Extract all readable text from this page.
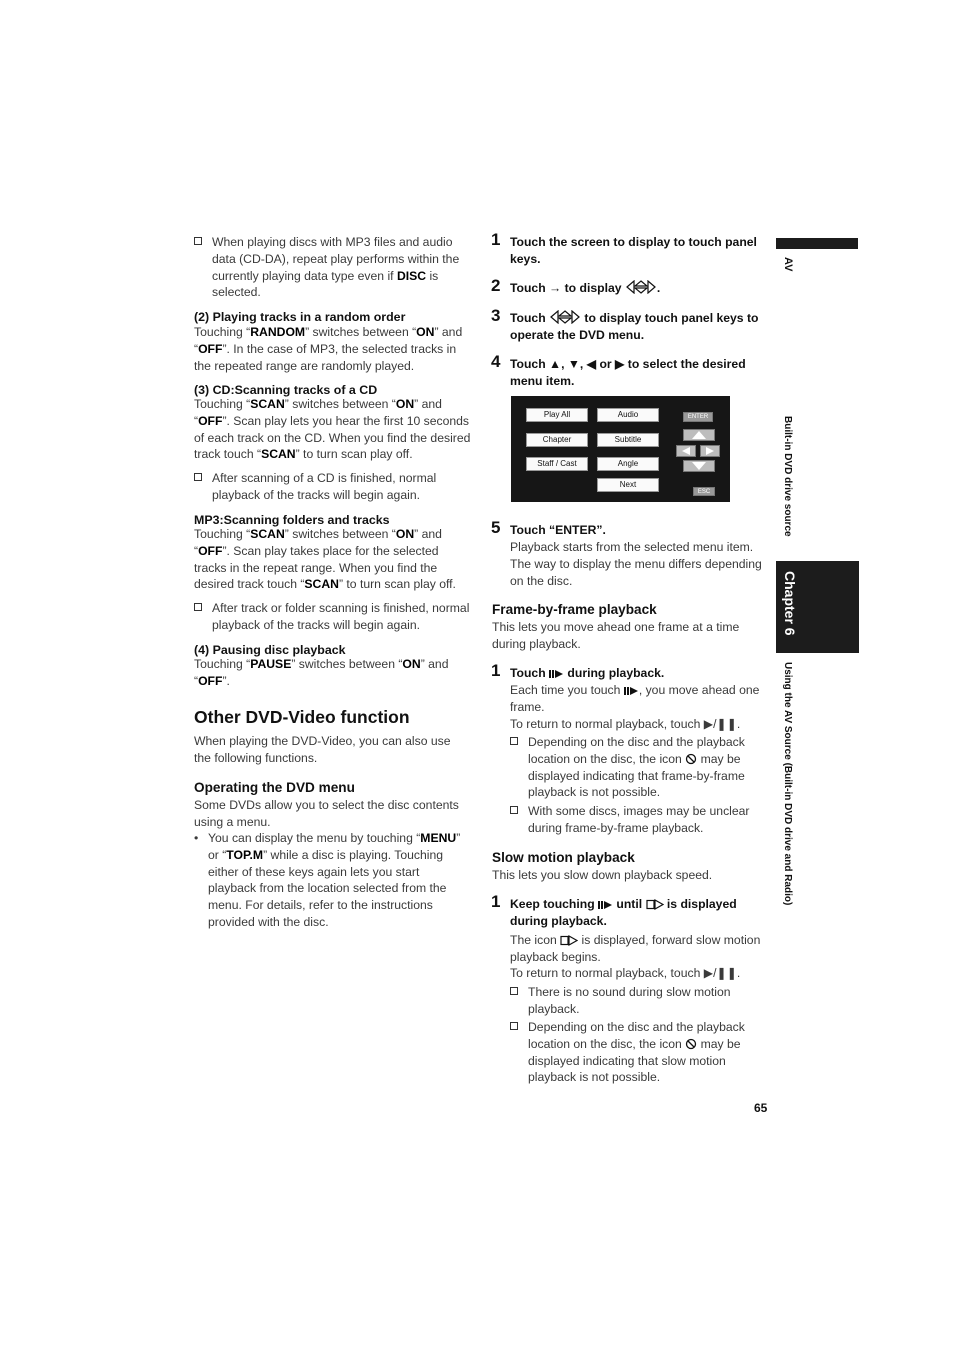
When playing discs with MP3 files and audio data (CD-DA), repeat play performs within the currently playing data type even if DISC is selected.
(2) Playing tracks in a random order
Touching “RANDOM” switches between “ON” and “OFF”. In the case of MP3, the selected tracks in the repeated range are randomly played.
(3) CD:Scanning tracks of a CD
Touching “SCAN” switches between “ON” and “OFF”. Scan play lets you hear the first 10 seconds of each track on the CD. When you find the desired track touch “SCAN” to turn scan play off.
After scanning of a CD is finished, normal playback of the tracks will begin again.
MP3:Scanning folders and tracks
Touching “SCAN” switches between “ON” and “OFF”. Scan play takes place for the selected tracks in the repeat range. When you find the desired track touch “SCAN” to turn scan play off.
After track or folder scanning is finished, normal playback of the tracks will begin again.
(4) Pausing disc playback
Touching “PAUSE” switches between “ON” and “OFF”.
Other DVD-Video function
When playing the DVD-Video, you can also use the following functions.
Operating the DVD menu
Some DVDs allow you to select the disc contents using a menu.
• You can display the menu by touching “MENU” or “TOP.M” while a disc is playing. Touching either of these keys again lets you start playback from the location selected from the menu. For details, refer to the instructions provided with the disc.
1 Touch the screen to display to touch panel keys.
2 Touch → to display	.
3 Touch	to display touch panel keys to operate the DVD menu.
4 Touch ▲, ▼, ◀ or ▶ to select the desired menu item.
Play All	Audio
Chapter	Subtitle
Staff / Cast	Angle
Next
ENTER
ESC
5 Touch “ENTER”.
Playback starts from the selected menu item. The way to display the menu differs depending on the disc.
Frame-by-frame playback
This lets you move ahead one frame at a time during playback.
1 Touch  during playback.
Each time you touch , you move ahead one frame.
To return to normal playback, touch ▶/❚❚.
Depending on the disc and the playback location on the disc, the icon  may be displayed indicating that frame-by-frame playback is not possible.
With some discs, images may be unclear during frame-by-frame playback.
Slow motion playback
This lets you slow down playback speed.
1 Keep touching  until  is displayed during playback.
The icon  is displayed, forward slow motion playback begins.
To return to normal playback, touch ▶/❚❚.
There is no sound during slow motion playback.
Depending on the disc and the playback location on the disc, the icon  may be displayed indicating that slow motion playback is not possible.
65
AV
Built-in DVD drive source
Chapter 6
Using the AV Source (Built-in DVD drive and Radio)
